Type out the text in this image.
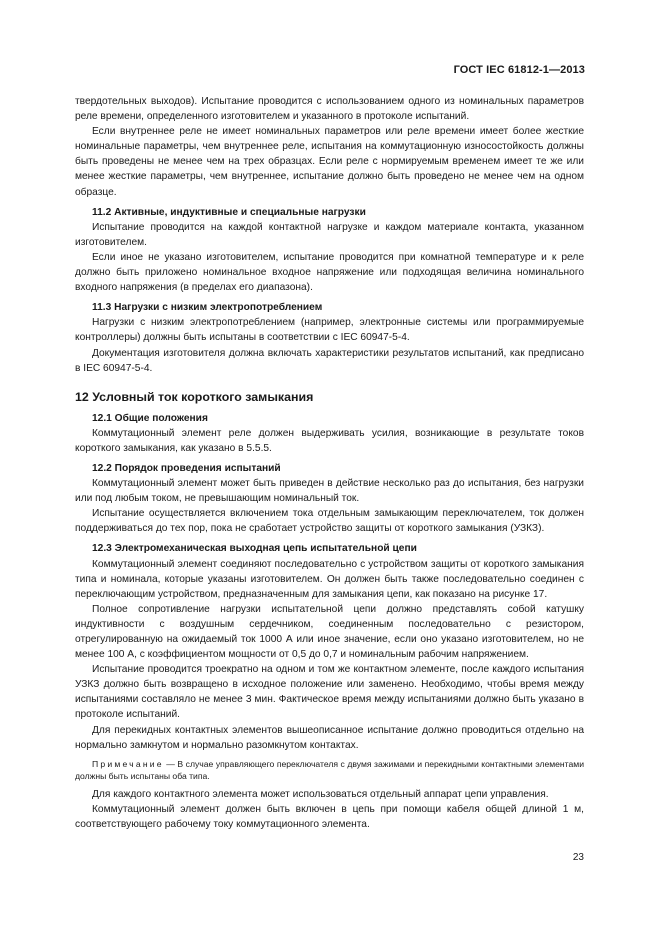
ГОСТ IEC 61812-1—2013

твердотельных выходов). Испытание проводится с использованием одного из номинальных параметров реле времени, определенного изготовителем и указанного в протоколе испытаний.

Если внутреннее реле не имеет номинальных параметров или реле времени имеет более жесткие номинальные параметры, чем внутреннее реле, испытания на коммутационную износостойкость должны быть проведены не менее чем на трех образцах. Если реле с нормируемым временем имеет те же или менее жесткие параметры, чем внутреннее, испытание должно быть проведено не менее чем на одном образце.

11.2 Активные, индуктивные и специальные нагрузки

Испытание проводится на каждой контактной нагрузке и каждом материале контакта, указанном изготовителем.

Если иное не указано изготовителем, испытание проводится при комнатной температуре и к реле должно быть приложено номинальное входное напряжение или подходящая величина номинального входного напряжения (в пределах его диапазона).

11.3 Нагрузки с низким электропотреблением

Нагрузки с низким электропотреблением (например, электронные системы или программируемые контроллеры) должны быть испытаны в соответствии с IEC 60947-5-4.

Документация изготовителя должна включать характеристики результатов испытаний, как предписано в IEC 60947-5-4.

12 Условный ток короткого замыкания
12.1 Общие положения

Коммутационный элемент реле должен выдерживать усилия, возникающие в результате токов короткого замыкания, как указано в 5.5.5.

12.2 Порядок проведения испытаний

Коммутационный элемент может быть приведен в действие несколько раз до испытания, без нагрузки или под любым током, не превышающим номинальный ток.

Испытание осуществляется включением тока отдельным замыкающим переключателем, ток должен поддерживаться до тех пор, пока не сработает устройство защиты от короткого замыкания (УЗКЗ).

12.3 Электромеханическая выходная цепь испытательной цепи

Коммутационный элемент соединяют последовательно с устройством защиты от короткого замыкания типа и номинала, которые указаны изготовителем. Он должен быть также последовательно соединен с переключающим устройством, предназначенным для замыкания цепи, как показано на рисунке 17.

Полное сопротивление нагрузки испытательной цепи должно представлять собой катушку индуктивности с воздушным сердечником, соединенным последовательно с резистором, отрегулированную на ожидаемый ток 1000 А или иное значение, если оно указано изготовителем, но не менее 100 А, с коэффициентом мощности от 0,5 до 0,7 и номинальным рабочим напряжением.

Испытание проводится троекратно на одном и том же контактном элементе, после каждого испытания УЗКЗ должно быть возвращено в исходное положение или заменено. Необходимо, чтобы время между испытаниями составляло не менее 3 мин. Фактическое время между испытаниями должно быть указано в протоколе испытаний.

Для перекидных контактных элементов вышеописанное испытание должно проводиться отдельно на нормально замкнутом и нормально разомкнутом контактах.

Примечание — В случае управляющего переключателя с двумя зажимами и перекидными контактными элементами должны быть испытаны оба типа.

Для каждого контактного элемента может использоваться отдельный аппарат цепи управления.

Коммутационный элемент должен быть включен в цепь при помощи кабеля общей длиной 1 м, соответствующего рабочему току коммутационного элемента.

23
